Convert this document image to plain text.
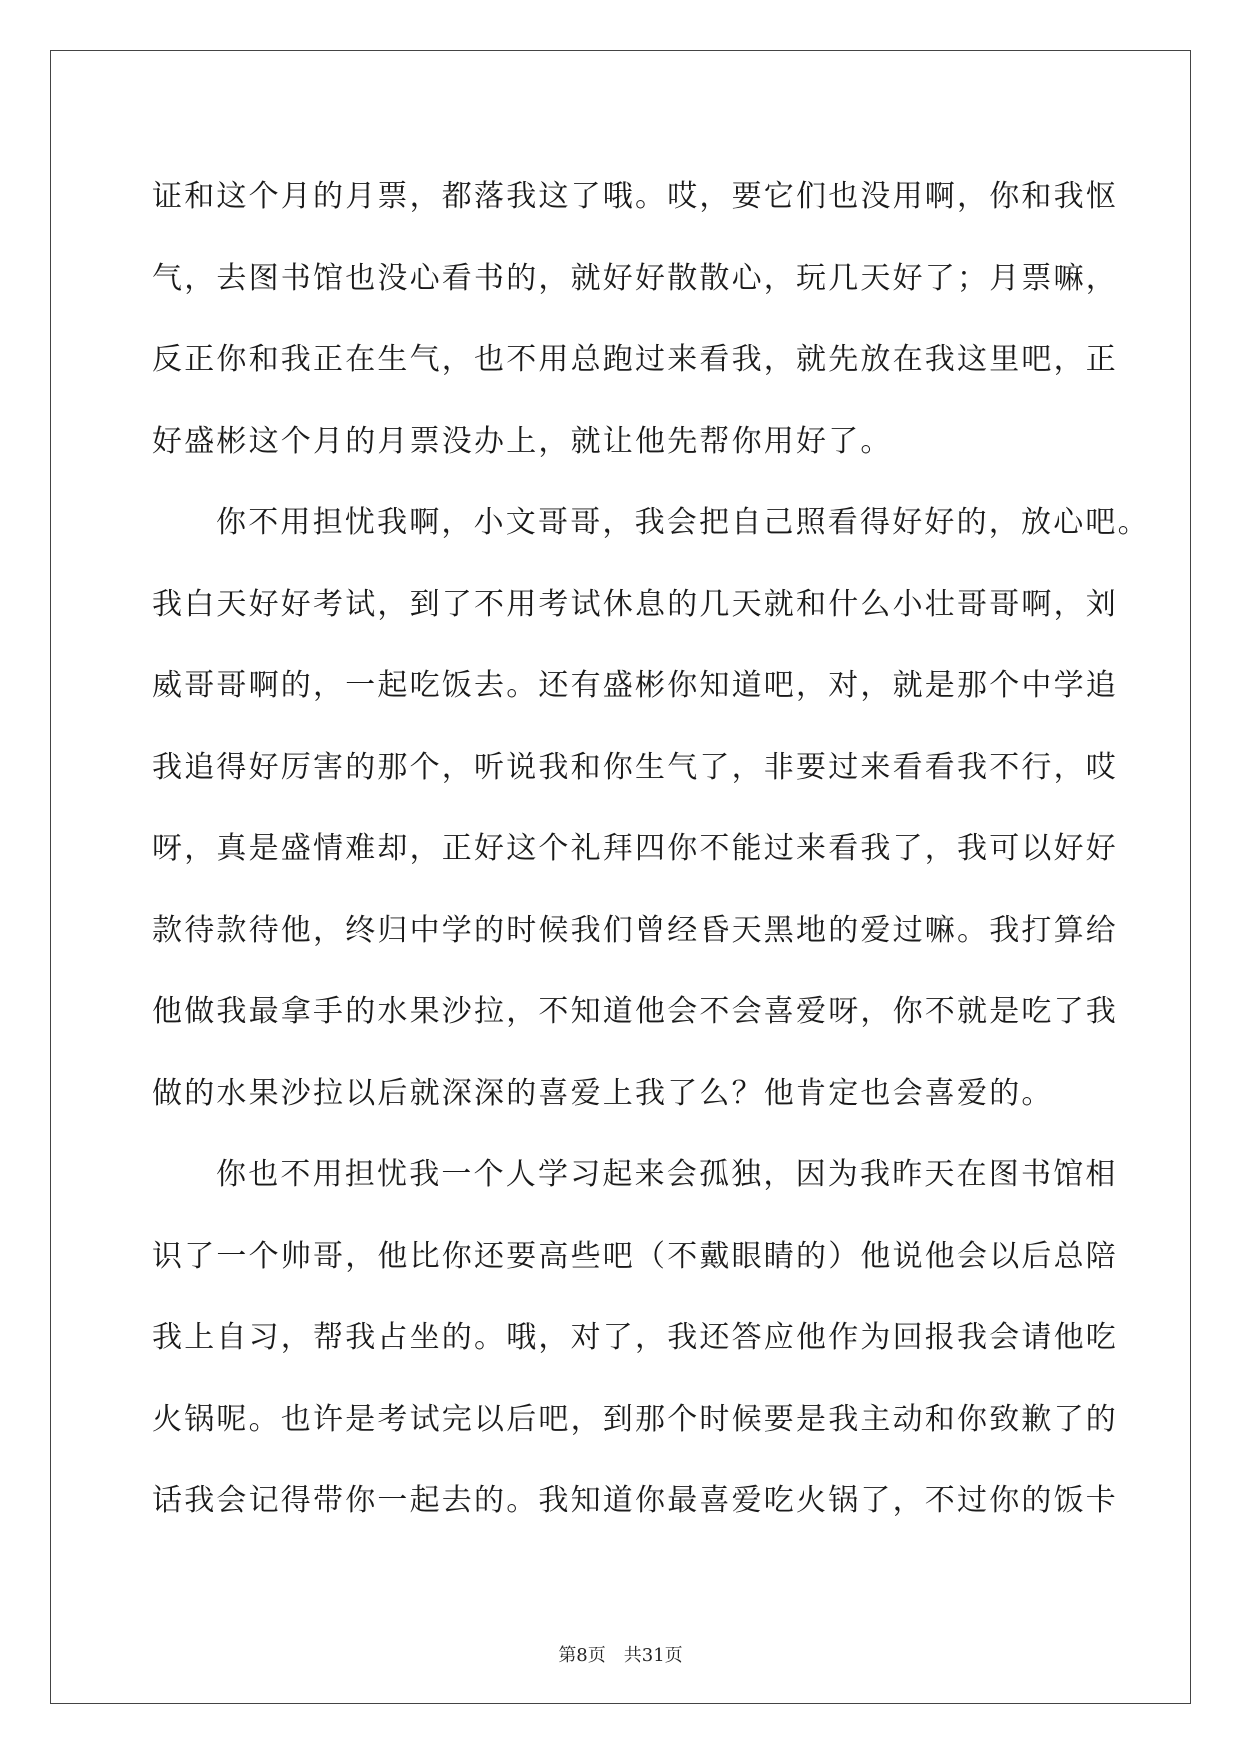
证和这个月的月票，都落我这了哦。哎，要它们也没用啊，你和我怄
气，去图书馆也没心看书的，就好好散散心，玩几天好了；月票嘛，
反正你和我正在生气，也不用总跑过来看我，就先放在我这里吧，正
好盛彬这个月的月票没办上，就让他先帮你用好了。
你不用担忧我啊，小文哥哥，我会把自己照看得好好的，放心吧。
我白天好好考试，到了不用考试休息的几天就和什么小壮哥哥啊，刘
威哥哥啊的，一起吃饭去。还有盛彬你知道吧，对，就是那个中学追
我追得好厉害的那个，听说我和你生气了，非要过来看看我不行，哎
呀，真是盛情难却，正好这个礼拜四你不能过来看我了，我可以好好
款待款待他，终归中学的时候我们曾经昏天黑地的爱过嘛。我打算给
他做我最拿手的水果沙拉，不知道他会不会喜爱呀，你不就是吃了我
做的水果沙拉以后就深深的喜爱上我了么？他肯定也会喜爱的。
你也不用担忧我一个人学习起来会孤独，因为我昨天在图书馆相
识了一个帅哥，他比你还要高些吧（不戴眼睛的）他说他会以后总陪
我上自习，帮我占坐的。哦，对了，我还答应他作为回报我会请他吃
火锅呢。也许是考试完以后吧，到那个时候要是我主动和你致歉了的
话我会记得带你一起去的。我知道你最喜爱吃火锅了，不过你的饭卡
第8页　共31页
